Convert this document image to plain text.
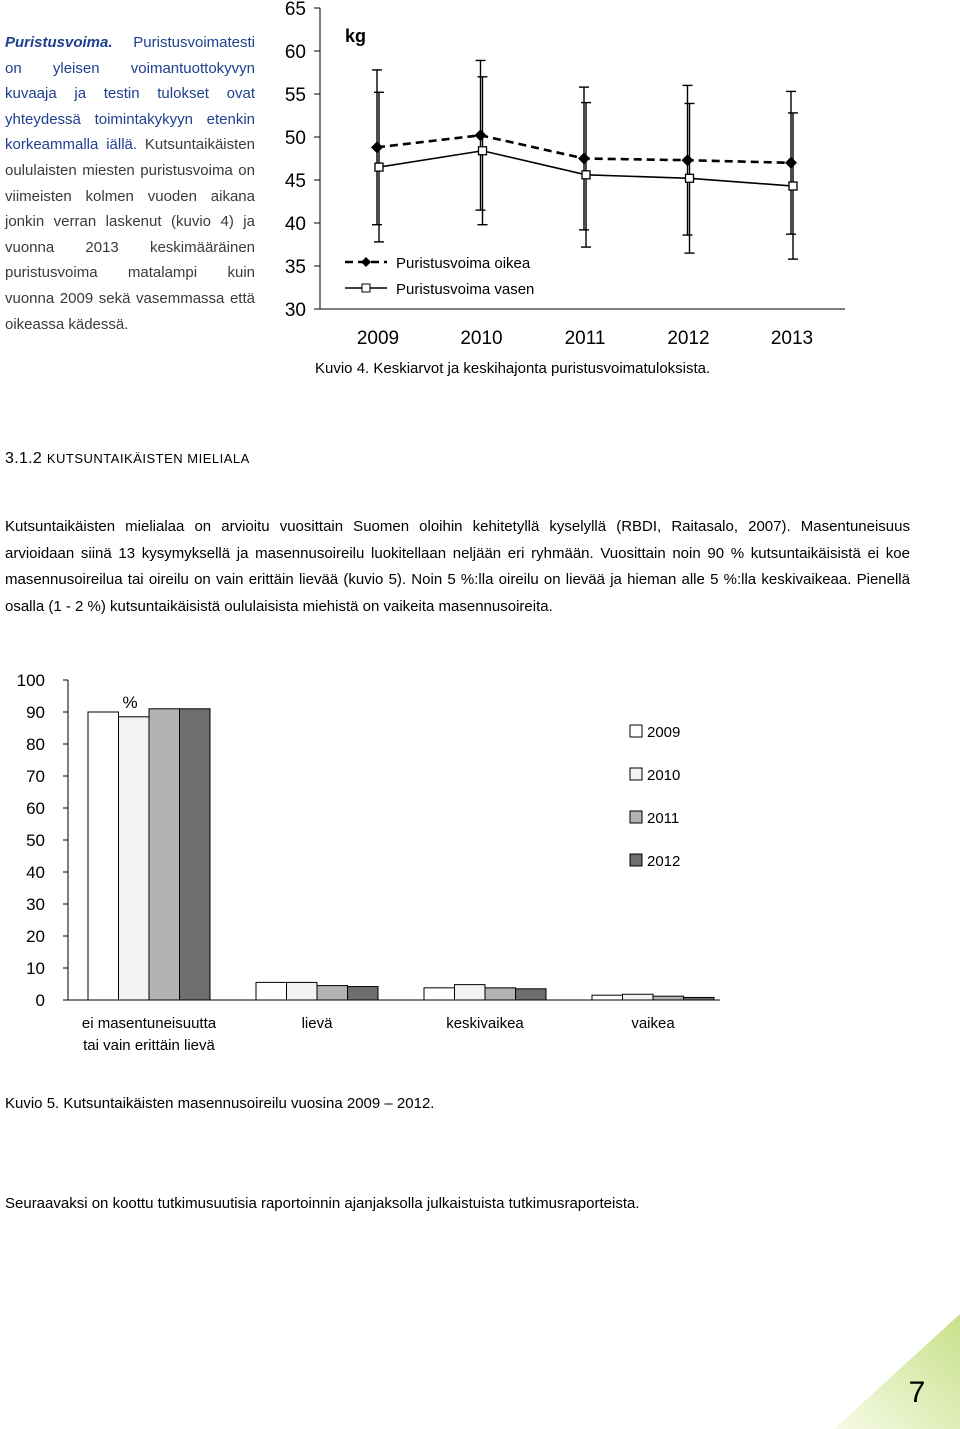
Puristusvoima. Puristusvoimatesti on yleisen voimantuottokyvyn kuvaaja ja testin tulokset ovat yhteydessä toimintakykyyn etenkin korkeammalla iällä. Kutsuntaikäisten oululaisten miesten puristusvoima on viimeisten kolmen vuoden aikana jonkin verran laskenut (kuvio 4) ja vuonna 2013 keskimääräinen puristusvoima matalampi kuin vuonna 2009 sekä vasemmassa että oikeassa kädessä.
30
35
40
45
50
55
60
65
2009	2010	2011	2012	2013
kg
Puristusvoima oikea
Puristusvoima vasen
Kuvio 4. Keskiarvot ja keskihajonta puristusvoimatuloksista.
3.1.2 KUTSUNTAIKÄISTEN MIELIALA
Kutsuntaikäisten mielialaa on arvioitu vuosittain Suomen oloihin kehitetyllä kyselyllä (RBDI, Raitasalo, 2007). Masentuneisuus arvioidaan siinä 13 kysymyksellä ja masennusoireilu luokitellaan neljään eri ryhmään. Vuosittain noin 90 % kutsuntaikäisistä ei koe masennusoireilua tai oireilu on vain erittäin lievää (kuvio 5). Noin 5 %:lla oireilu on lievää ja hieman alle 5 %:lla keskivaikeaa. Pienellä osalla (1 - 2 %) kutsuntaikäisistä oululaisista miehistä on vaikeita masennusoireita.
0
10
20
30
40
50
60
70
80
90
100
ei masentuneisuutta
tai vain erittäin lievä
lievä	keskivaikea	vaikea
%
2009
2010
2011
2012
Kuvio 5. Kutsuntaikäisten masennusoireilu vuosina 2009 – 2012.
Seuraavaksi on koottu tutkimusuutisia raportoinnin ajanjaksolla julkaistuista tutkimusraporteista.
7
